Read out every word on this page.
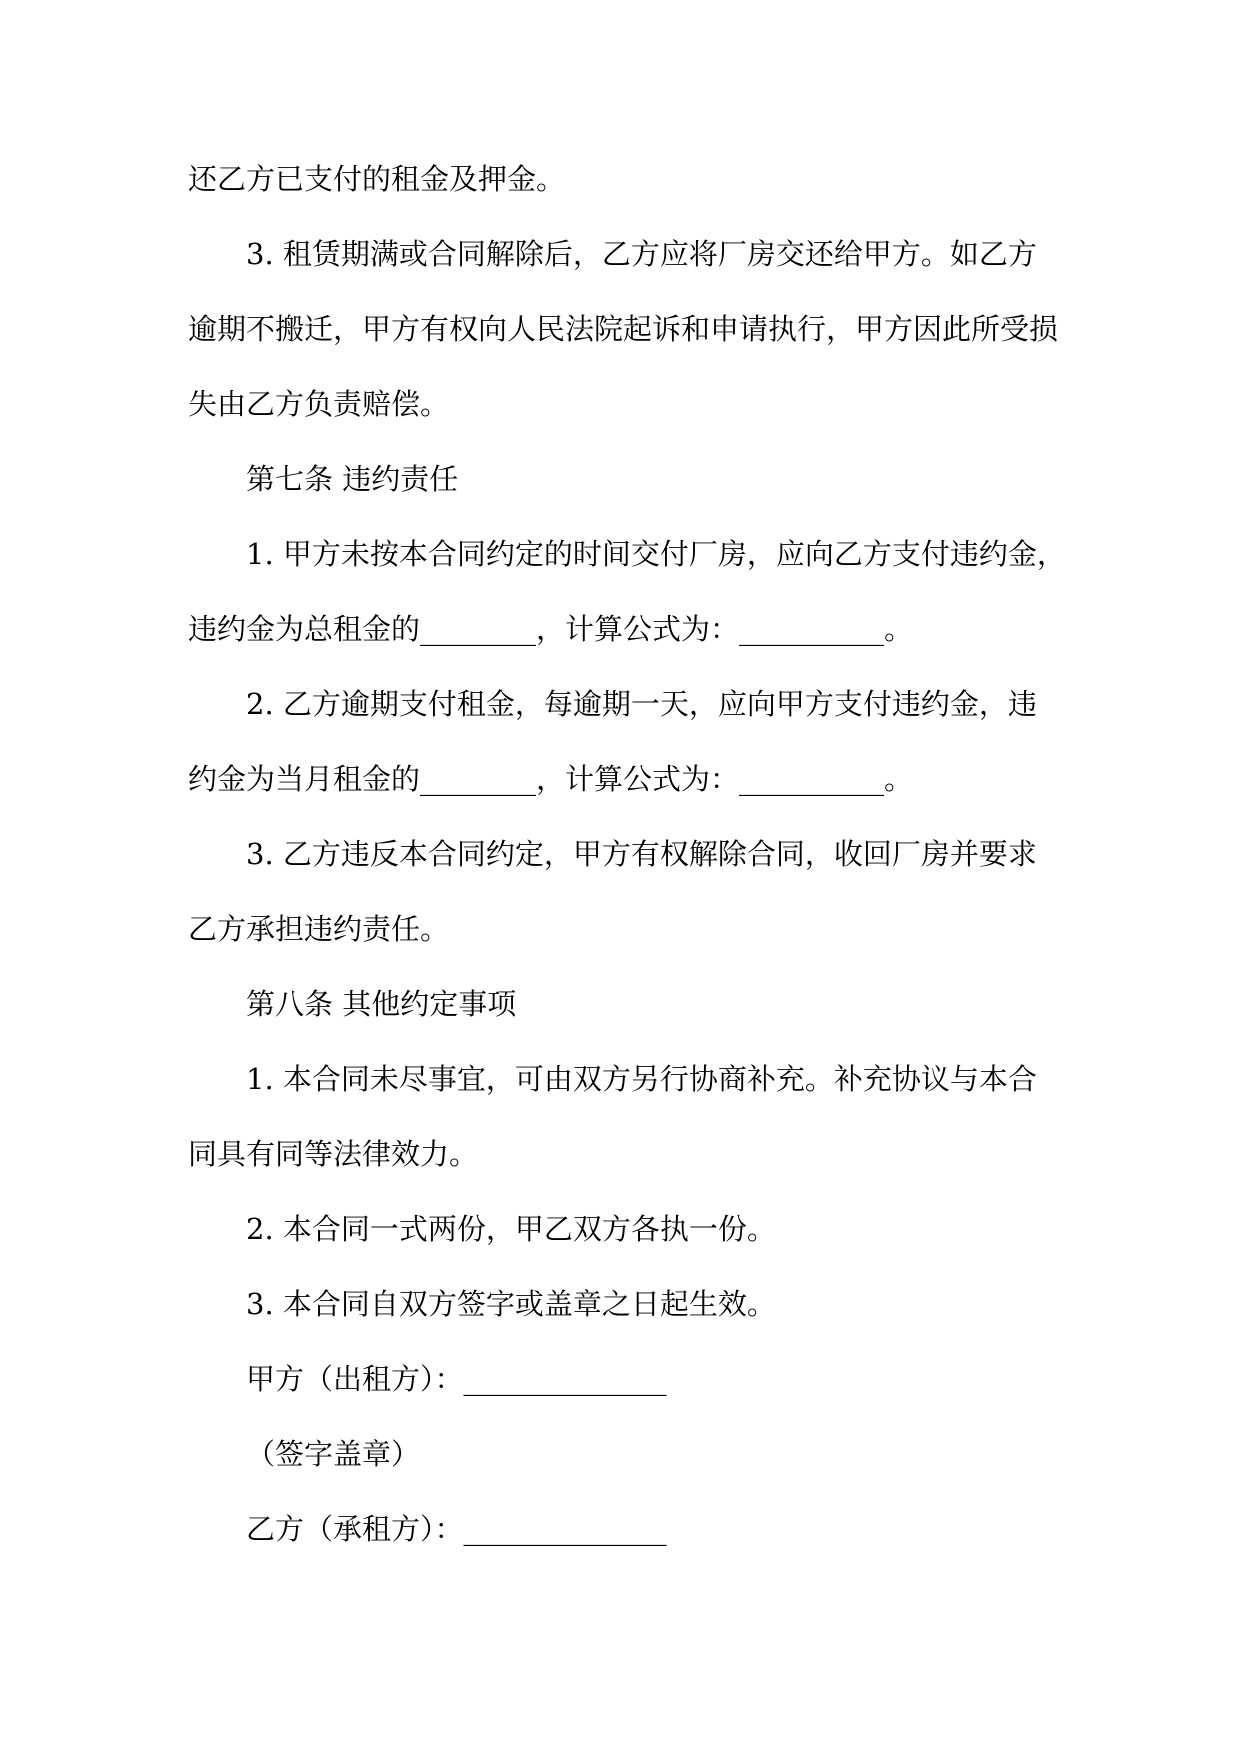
还乙方已支付的租金及押金。
3. 租赁期满或合同解除后，乙方应将厂房交还给甲方。如乙方
逾期不搬迁，甲方有权向人民法院起诉和申请执行，甲方因此所受损
失由乙方负责赔偿。
第七条 违约责任
1. 甲方未按本合同约定的时间交付厂房，应向乙方支付违约金，
违约金为总租金的________，计算公式为：__________。
2. 乙方逾期支付租金，每逾期一天，应向甲方支付违约金，违
约金为当月租金的________，计算公式为：__________。
3. 乙方违反本合同约定，甲方有权解除合同，收回厂房并要求
乙方承担违约责任。
第八条 其他约定事项
1. 本合同未尽事宜，可由双方另行协商补充。补充协议与本合
同具有同等法律效力。
2. 本合同一式两份，甲乙双方各执一份。
3. 本合同自双方签字或盖章之日起生效。
甲方（出租方）：______________
（签字盖章）
乙方（承租方）：______________
